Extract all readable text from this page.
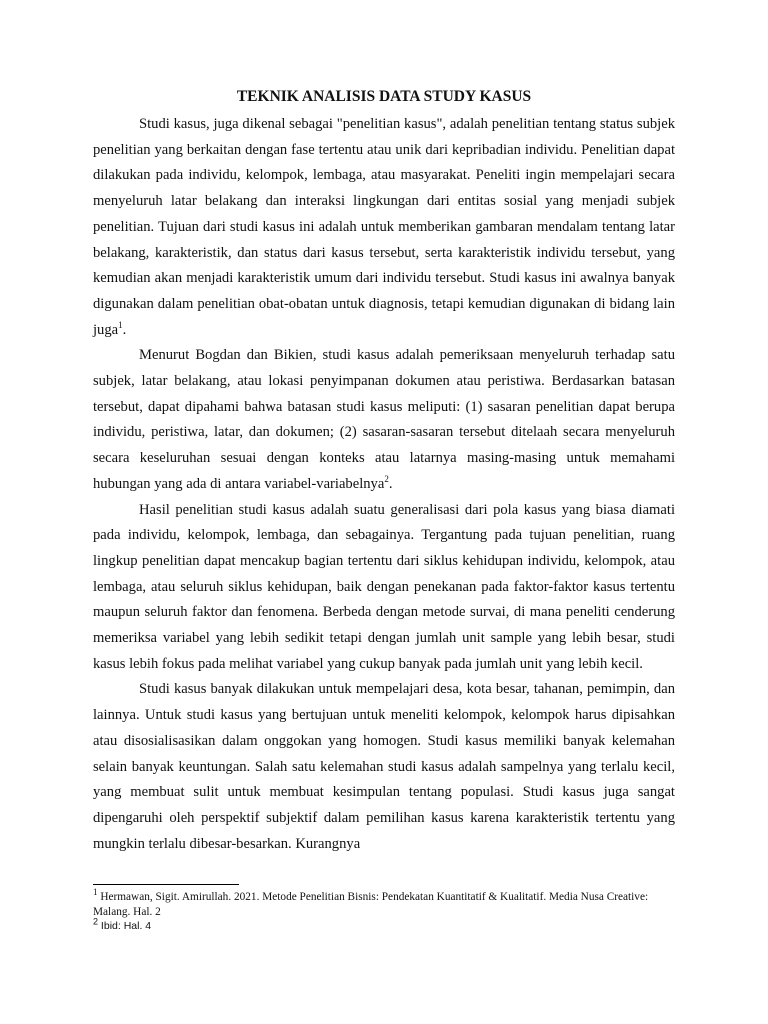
TEKNIK ANALISIS DATA STUDY KASUS

Studi kasus, juga dikenal sebagai "penelitian kasus", adalah penelitian tentang status subjek penelitian yang berkaitan dengan fase tertentu atau unik dari kepribadian individu. Penelitian dapat dilakukan pada individu, kelompok, lembaga, atau masyarakat. Peneliti ingin mempelajari secara menyeluruh latar belakang dan interaksi lingkungan dari entitas sosial yang menjadi subjek penelitian. Tujuan dari studi kasus ini adalah untuk memberikan gambaran mendalam tentang latar belakang, karakteristik, dan status dari kasus tersebut, serta karakteristik individu tersebut, yang kemudian akan menjadi karakteristik umum dari individu tersebut. Studi kasus ini awalnya banyak digunakan dalam penelitian obat-obatan untuk diagnosis, tetapi kemudian digunakan di bidang lain juga$^1$.

Menurut Bogdan dan Bikien, studi kasus adalah pemeriksaan menyeluruh terhadap satu subjek, latar belakang, atau lokasi penyimpanan dokumen atau peristiwa. Berdasarkan batasan tersebut, dapat dipahami bahwa batasan studi kasus meliputi: (1) sasaran penelitian dapat berupa individu, peristiwa, latar, dan dokumen; (2) sasaran-sasaran tersebut ditelaah secara menyeluruh secara keseluruhan sesuai dengan konteks atau latarnya masing-masing untuk memahami hubungan yang ada di antara variabel-variabelnya$^2$.

Hasil penelitian studi kasus adalah suatu generalisasi dari pola kasus yang biasa diamati pada individu, kelompok, lembaga, dan sebagainya. Tergantung pada tujuan penelitian, ruang lingkup penelitian dapat mencakup bagian tertentu dari siklus kehidupan individu, kelompok, atau lembaga, atau seluruh siklus kehidupan, baik dengan penekanan pada faktor-faktor kasus tertentu maupun seluruh faktor dan fenomena. Berbeda dengan metode survai, di mana peneliti cenderung memeriksa variabel yang lebih sedikit tetapi dengan jumlah unit sample yang lebih besar, studi kasus lebih fokus pada melihat variabel yang cukup banyak pada jumlah unit yang lebih kecil.

Studi kasus banyak dilakukan untuk mempelajari desa, kota besar, tahanan, pemimpin, dan lainnya. Untuk studi kasus yang bertujuan untuk meneliti kelompok, kelompok harus dipisahkan atau disosialisasikan dalam onggokan yang homogen. Studi kasus memiliki banyak kelemahan selain banyak keuntungan. Salah satu kelemahan studi kasus adalah sampelnya yang terlalu kecil, yang membuat sulit untuk membuat kesimpulan tentang populasi. Studi kasus juga sangat dipengaruhi oleh perspektif subjektif dalam pemilihan kasus karena karakteristik tertentu yang mungkin terlalu dibesar-besarkan. Kurangnya

$^1$ Hermawan, Sigit. Amirullah. 2021. Metode Penelitian Bisnis: Pendekatan Kuantitatif & Kualitatif. Media Nusa Creative: Malang. Hal. 2

$^2$ Ibid: Hal. 4
